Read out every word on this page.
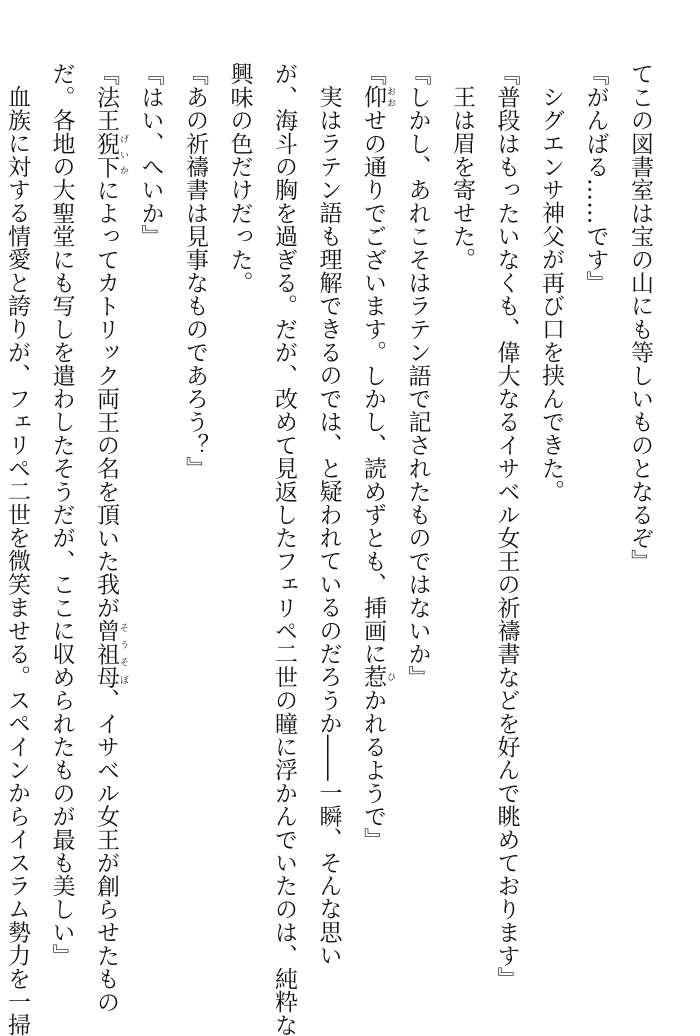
てこの図書室は宝の山にも等しいものとなるぞ』
『がんばる……です』
シグエンサ神父が再び口を挟んできた。
『普段はもったいなくも、偉大なるイサベル女王の祈禱書などを好んで眺めております』
王は眉を寄せた。
『しかし、あれこそはラテン語で記されたものではないか』
『仰 おおせの通りでございます。しかし、読めずとも、挿画に惹 ひかれるようで』
実はラテン語も理解できるのでは、と疑われているのだろうか――一瞬、そんな思い
が、海斗の胸を過ぎる。だが、改めて見返したフェリペ二世の瞳に浮かんでいたのは、純粋な
興味の色だけだった。
『あの祈禱書は見事なものであろう？』
『はい、へいか』
『法王猊下 げいかによってカトリック両王の名を頂いた我が曾祖母 そうそぼ、イサベル女王が創らせたもの
だ。各地の大聖堂にも写しを遣わしたそうだが、ここに収められたものが最も美しい』
血族に対する情愛と誇りが、フェリペ二世を微笑ませる。スペインからイスラム勢力を一掃
